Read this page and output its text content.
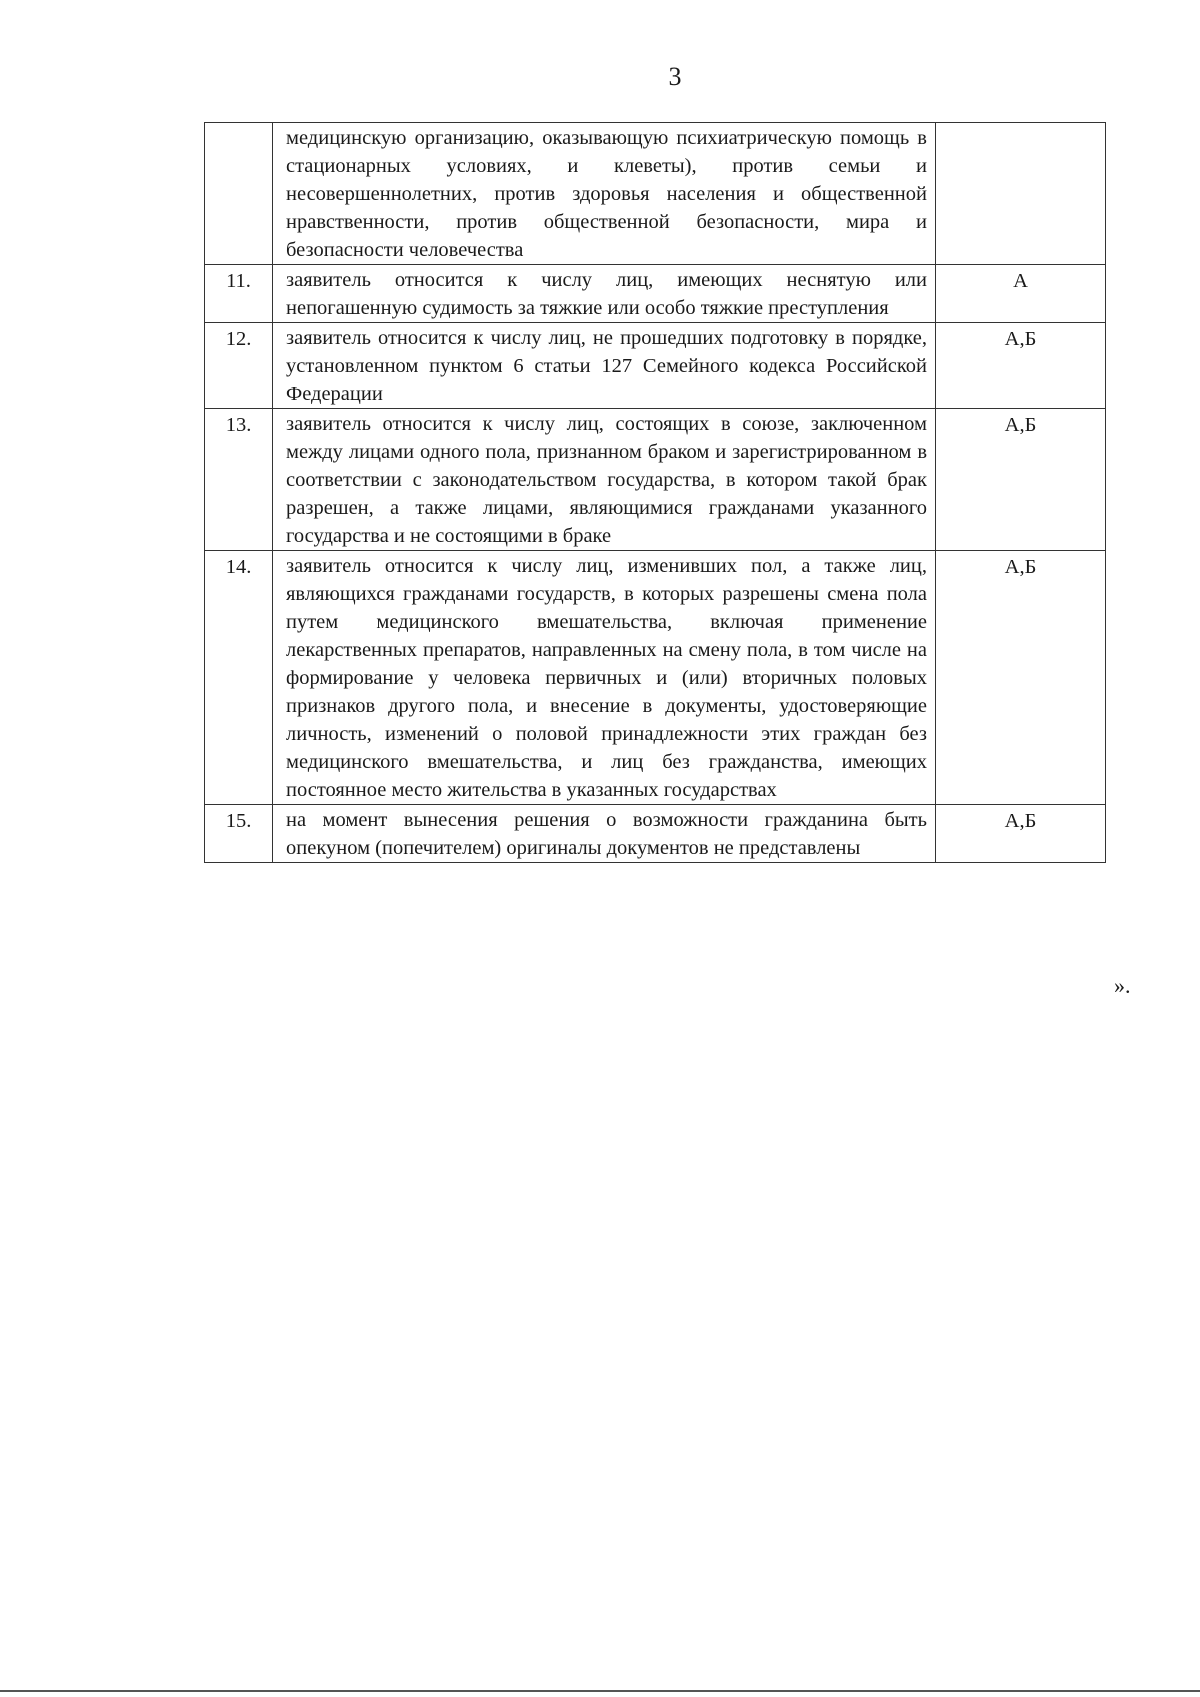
3
	медицинскую организацию, оказывающую психиатрическую помощь в стационарных условиях, и клеветы), против семьи и несовершеннолетних, против здоровья населения и общественной нравственности, против общественной безопасности, мира и безопасности человечества	
11.	заявитель относится к числу лиц, имеющих неснятую или непогашенную судимость за тяжкие или особо тяжкие преступления	А
12.	заявитель относится к числу лиц, не прошедших подготовку в порядке, установленном пунктом 6 статьи 127 Семейного кодекса Российской Федерации	А,Б
13.	заявитель относится к числу лиц, состоящих в союзе, заключенном между лицами одного пола, признанном браком и зарегистрированном в соответствии с законодательством государства, в котором такой брак разрешен, а также лицами, являющимися гражданами указанного государства и не состоящими в браке	А,Б
14.	заявитель относится к числу лиц, изменивших пол, а также лиц, являющихся гражданами государств, в которых разрешены смена пола путем медицинского вмешательства, включая применение лекарственных препаратов, направленных на смену пола, в том числе на формирование у человека первичных и (или) вторичных половых признаков другого пола, и внесение в документы, удостоверяющие личность, изменений о половой принадлежности этих граждан без медицинского вмешательства, и лиц без гражданства, имеющих постоянное место жительства в указанных государствах	А,Б
15.	на момент вынесения решения о возможности гражданина быть опекуном (попечителем) оригиналы документов не представлены	А,Б
».
